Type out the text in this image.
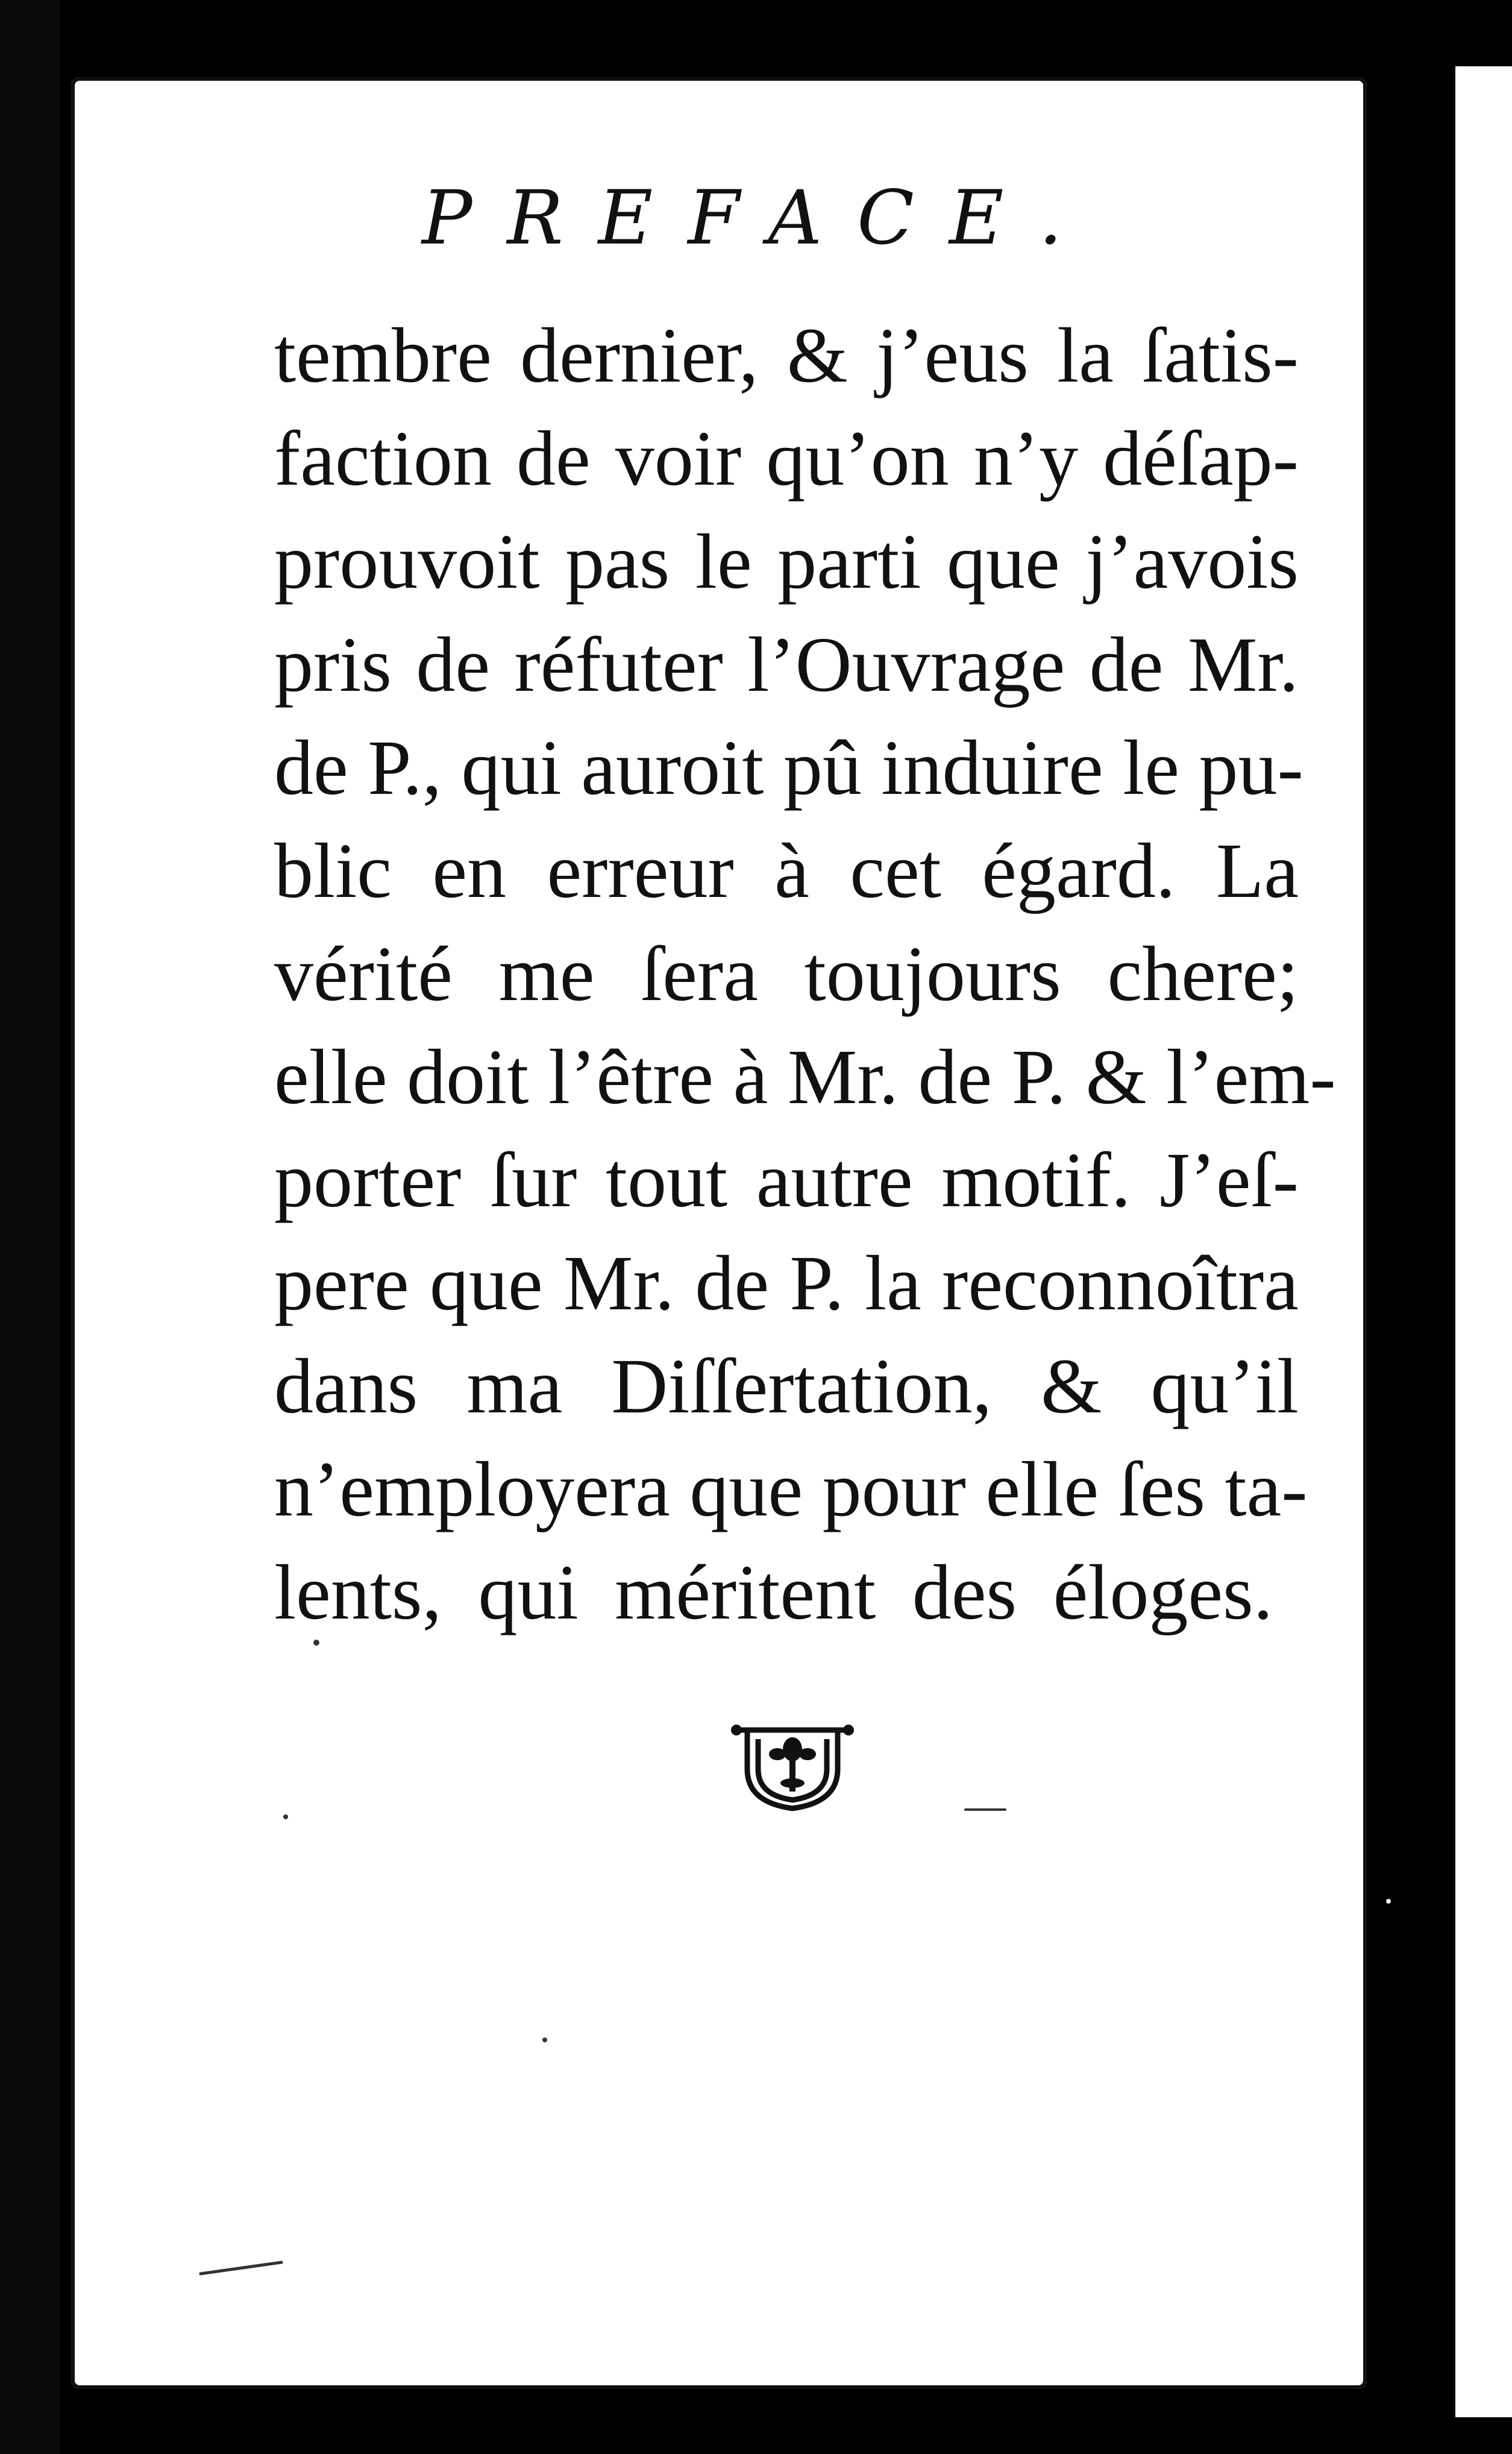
PREFACE.
tembre dernier, & j’eus la ſatis-
faction de voir qu’on n’y déſap-
prouvoit pas le parti que j’avois
pris de réfuter l’Ouvrage de Mr.
de P., qui auroit pû induire le pu-
blic en erreur à cet égard. La
vérité me ſera toujours chere;
elle doit l’être à Mr. de P. & l’em-
porter ſur tout autre motif. J’eſ-
pere que Mr. de P. la reconnoîtra
dans ma Diſſertation, & qu’il
n’employera que pour elle ſes ta-
lents, qui méritent des éloges.
